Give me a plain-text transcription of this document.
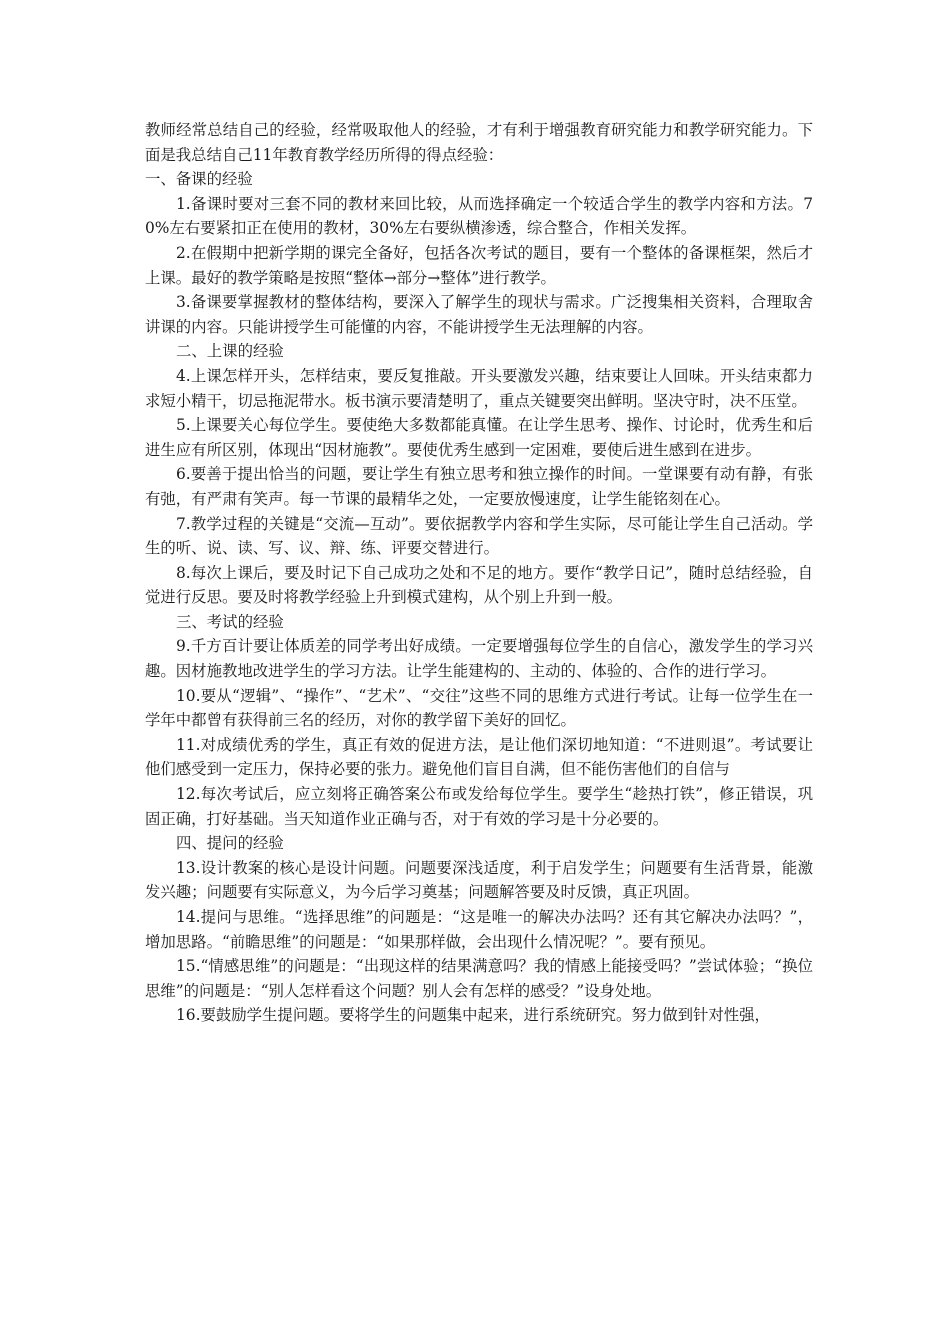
教师经常总结自己的经验，经常吸取他人的经验，才有利于增强教育研究能力和教学研究能力。下面是我总结自己11年教育教学经历所得的得点经验：

一、备课的经验

1.备课时要对三套不同的教材来回比较，从而选择确定一个较适合学生的教学内容和方法。70%左右要紧扣正在使用的教材，30%左右要纵横渗透，综合整合，作相关发挥。

2.在假期中把新学期的课完全备好，包括各次考试的题目，要有一个整体的备课框架，然后才上课。最好的教学策略是按照“整体→部分→整体”进行教学。

3.备课要掌握教材的整体结构，要深入了解学生的现状与需求。广泛搜集相关资料，合理取舍讲课的内容。只能讲授学生可能懂的内容，不能讲授学生无法理解的内容。

二、上课的经验

4.上课怎样开头，怎样结束，要反复推敲。开头要激发兴趣，结束要让人回味。开头结束都力求短小精干，切忌拖泥带水。板书演示要清楚明了，重点关键要突出鲜明。坚决守时，决不压堂。

5.上课要关心每位学生。要使绝大多数都能真懂。在让学生思考、操作、讨论时，优秀生和后进生应有所区别，体现出“因材施教”。要使优秀生感到一定困难，要使后进生感到在进步。

6.要善于提出恰当的问题，要让学生有独立思考和独立操作的时间。一堂课要有动有静，有张有弛，有严肃有笑声。每一节课的最精华之处，一定要放慢速度，让学生能铭刻在心。

7.教学过程的关键是“交流—互动”。要依据教学内容和学生实际，尽可能让学生自己活动。学生的听、说、读、写、议、辩、练、评要交替进行。

8.每次上课后，要及时记下自己成功之处和不足的地方。要作“教学日记”，随时总结经验，自觉进行反思。要及时将教学经验上升到模式建构，从个别上升到一般。

三、考试的经验

9.千方百计要让体质差的同学考出好成绩。一定要增强每位学生的自信心，激发学生的学习兴趣。因材施教地改进学生的学习方法。让学生能建构的、主动的、体验的、合作的进行学习。

10.要从“逻辑”、“操作”、“艺术”、“交往”这些不同的思维方式进行考试。让每一位学生在一学年中都曾有获得前三名的经历，对你的教学留下美好的回忆。

11.对成绩优秀的学生，真正有效的促进方法，是让他们深切地知道：“不进则退”。考试要让他们感受到一定压力，保持必要的张力。避免他们盲目自满，但不能伤害他们的自信与

12.每次考试后，应立刻将正确答案公布或发给每位学生。要学生“趁热打铁”，修正错误，巩固正确，打好基础。当天知道作业正确与否，对于有效的学习是十分必要的。

四、提问的经验

13.设计教案的核心是设计问题。问题要深浅适度，利于启发学生；问题要有生活背景，能激发兴趣；问题要有实际意义，为今后学习奠基；问题解答要及时反馈，真正巩固。

14.提问与思维。“选择思维”的问题是：“这是唯一的解决办法吗？还有其它解决办法吗？”，增加思路。“前瞻思维”的问题是：“如果那样做，会出现什么情况呢？”。要有预见。

15.“情感思维”的问题是：“出现这样的结果满意吗？我的情感上能接受吗？”尝试体验；“换位思维”的问题是：“别人怎样看这个问题？别人会有怎样的感受？”设身处地。

16.要鼓励学生提问题。要将学生的问题集中起来，进行系统研究。努力做到针对性强，
